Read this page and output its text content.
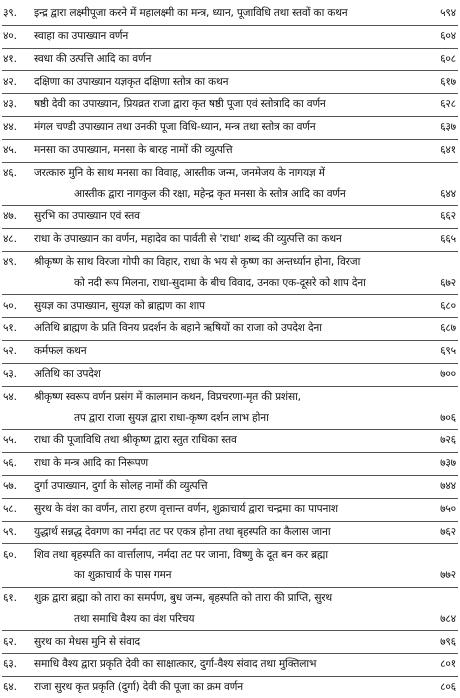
३९. इन्द्र द्वारा लक्ष्मीपूजा करने में महालक्ष्मी का मन्त्र, ध्यान, पूजाविधि तथा स्तवों का कथन	५९४
४०. स्वाहा का उपाख्यान वर्णन	६०४
४१. स्वधा की उत्पत्ति आदि का वर्णन	६०८
४२. दक्षिणा का उपाख्यान यज्ञकृत दक्षिणा स्तोत्र का कथन	६१७
४३. षष्ठी देवी का उपाख्यान, प्रियव्रत राजा द्वारा कृत षष्ठी पूजा एवं स्तोत्रादि का वर्णन	६२८
४४. मंगल चण्डी उपाख्यान तथा उनकी पूजा विधि-ध्यान, मन्त्र तथा स्तोत्र का वर्णन	६३७
४५. मनसा का उपाख्यान, मनसा के बारह नामों की व्युत्पत्ति	६४१
४६. जरत्कारु मुनि के साथ मनसा का विवाह, आस्तीक जन्म, जनमेजय के नागयज्ञ में
आस्तीक द्वारा नागकुल की रक्षा, महेन्द्र कृत मनसा के स्तोत्र आदि का वर्णन	६४४
४७. सुरभि का उपाख्यान एवं स्तव	६६२
४८. राधा के उपाख्यान का वर्णन, महादेव का पार्वती से 'राधा' शब्द की व्युत्पत्ति का कथन	६६५
४९. श्रीकृष्ण के साथ विरजा गोपी का विहार, राधा के भय से कृष्ण का अन्तर्ध्यान होना, विरजा
को नदी रूप मिलना, राधा-सुदामा के बीच विवाद, उनका एक-दूसरे को शाप देना	६७२
५०. सुयज्ञ का उपाख्यान, सुयज्ञ को ब्राह्मण का शाप	६८०
५१. अतिथि ब्राह्मण के प्रति विनय प्रदर्शन के बहाने ऋषियों का राजा को उपदेश देना	६८७
५२. कर्मफल कथन	६९५
५३. अतिथि का उपदेश	७००
५४. श्रीकृष्ण स्वरूप वर्णन प्रसंग में कालमान कथन, विप्रचरणा-मृत की प्रशंसा,
तप द्वारा राजा सुयज्ञ द्वारा राधा-कृष्ण दर्शन लाभ होना	७०६
५५. राधा की पूजाविधि तथा श्रीकृष्ण द्वारा स्तुत राधिका स्तव	७२६
५६. राधा के मन्त्र आदि का निरूपण	७३७
५७. दुर्गा उपाख्यान, दुर्गा के सोलह नामों की व्युत्पत्ति	७४४
५८. सुरथ के वंश का वर्णन, तारा हरण वृत्तान्त वर्णन, शुक्राचार्य द्वारा चन्द्रमा का पापनाश	७५०
५९. युद्धार्थ सन्नद्ध देवगण का नर्मदा तट पर एकत्र होना तथा बृहस्पति का कैलास जाना	७६२
६०. शिव तथा बृहस्पति का वार्त्तालाप, नर्मदा तट पर जाना, विष्णु के दूत बन कर ब्रह्मा
का शुक्राचार्य के पास गमन	७७२
६१. शुक्र द्वारा ब्रह्मा को तारा का समर्पण, बुध जन्म, बृहस्पति को तारा की प्राप्ति, सुरथ
तथा समाधि वैश्य का वंश परिचय	७८४
६२. सुरथ का मेधस मुनि से संवाद	७९६
६३. समाधि वैश्य द्वारा प्रकृति देवी का साक्षात्कार, दुर्गा-वैश्य संवाद तथा मुक्तिलाभ	८०१
६४. राजा सुरथ कृत प्रकृति (दुर्गा) देवी की पूजा का क्रम वर्णन	८०६
